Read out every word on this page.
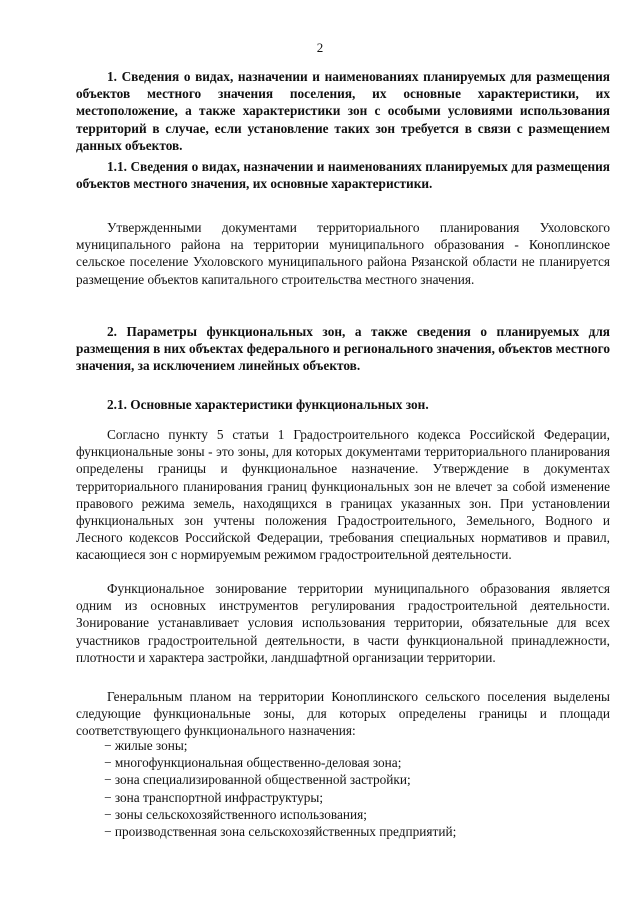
2

1. Сведения о видах, назначении и наименованиях планируемых для размещения объектов местного значения поселения, их основные характеристики, их местоположение, а также характеристики зон с особыми условиями использования территорий в случае, если установление таких зон требуется в связи с размещением данных объектов.

1.1. Сведения о видах, назначении и наименованиях планируемых для размещения объектов местного значения, их основные характеристики.

Утвержденными документами территориального планирования Ухоловского муниципального района на территории муниципального образования - Коноплинское сельское поселение Ухоловского муниципального района Рязанской области не планируется размещение объектов капитального строительства местного значения.

2. Параметры функциональных зон, а также сведения о планируемых для размещения в них объектах федерального и регионального значения, объектов местного значения, за исключением линейных объектов.

2.1. Основные характеристики функциональных зон.

Согласно пункту 5 статьи 1 Градостроительного кодекса Российской Федерации, функциональные зоны - это зоны, для которых документами территориального планирования определены границы и функциональное назначение. Утверждение в документах территориального планирования границ функциональных зон не влечет за собой изменение правового режима земель, находящихся в границах указанных зон. При установлении функциональных зон учтены положения Градостроительного, Земельного, Водного и Лесного кодексов Российской Федерации, требования специальных нормативов и правил, касающиеся зон с нормируемым режимом градостроительной деятельности.

Функциональное зонирование территории муниципального образования является одним из основных инструментов регулирования градостроительной деятельности. Зонирование устанавливает условия использования территории, обязательные для всех участников градостроительной деятельности, в части функциональной принадлежности, плотности и характера застройки, ландшафтной организации территории.

Генеральным планом на территории Коноплинского сельского поселения выделены следующие функциональные зоны, для которых определены границы и площади соответствующего функционального назначения:

− жилые зоны;
− многофункциональная общественно-деловая зона;
− зона специализированной общественной застройки;
− зона транспортной инфраструктуры;
− зоны сельскохозяйственного использования;
− производственная зона сельскохозяйственных предприятий;
